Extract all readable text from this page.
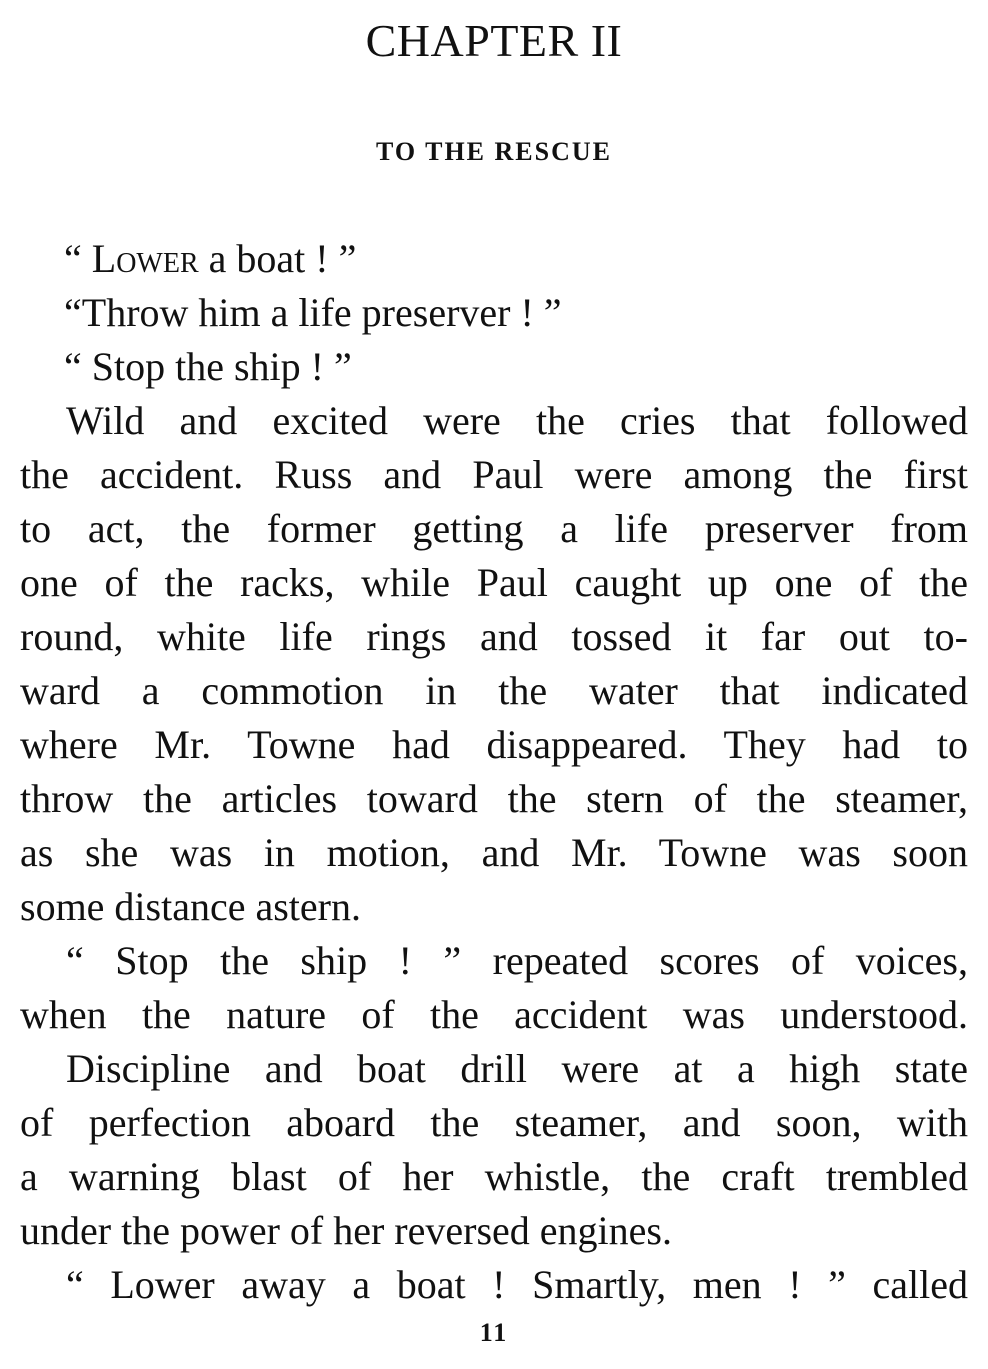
CHAPTER II
TO THE RESCUE
“ Lower a boat ! ”
“Throw him a life preserver ! ”
“ Stop the ship ! ”
Wild and excited were the cries that followed
the accident. Russ and Paul were among the first
to act, the former getting a life preserver from
one of the racks, while Paul caught up one of the
round, white life rings and tossed it far out to-
ward a commotion in the water that indicated
where Mr. Towne had disappeared. They had to
throw the articles toward the stern of the steamer,
as she was in motion, and Mr. Towne was soon
some distance astern.
“ Stop the ship ! ” repeated scores of voices,
when the nature of the accident was understood.
Discipline and boat drill were at a high state
of perfection aboard the steamer, and soon, with
a warning blast of her whistle, the craft trembled
under the power of her reversed engines.
“ Lower away a boat ! Smartly, men ! ” called
11
